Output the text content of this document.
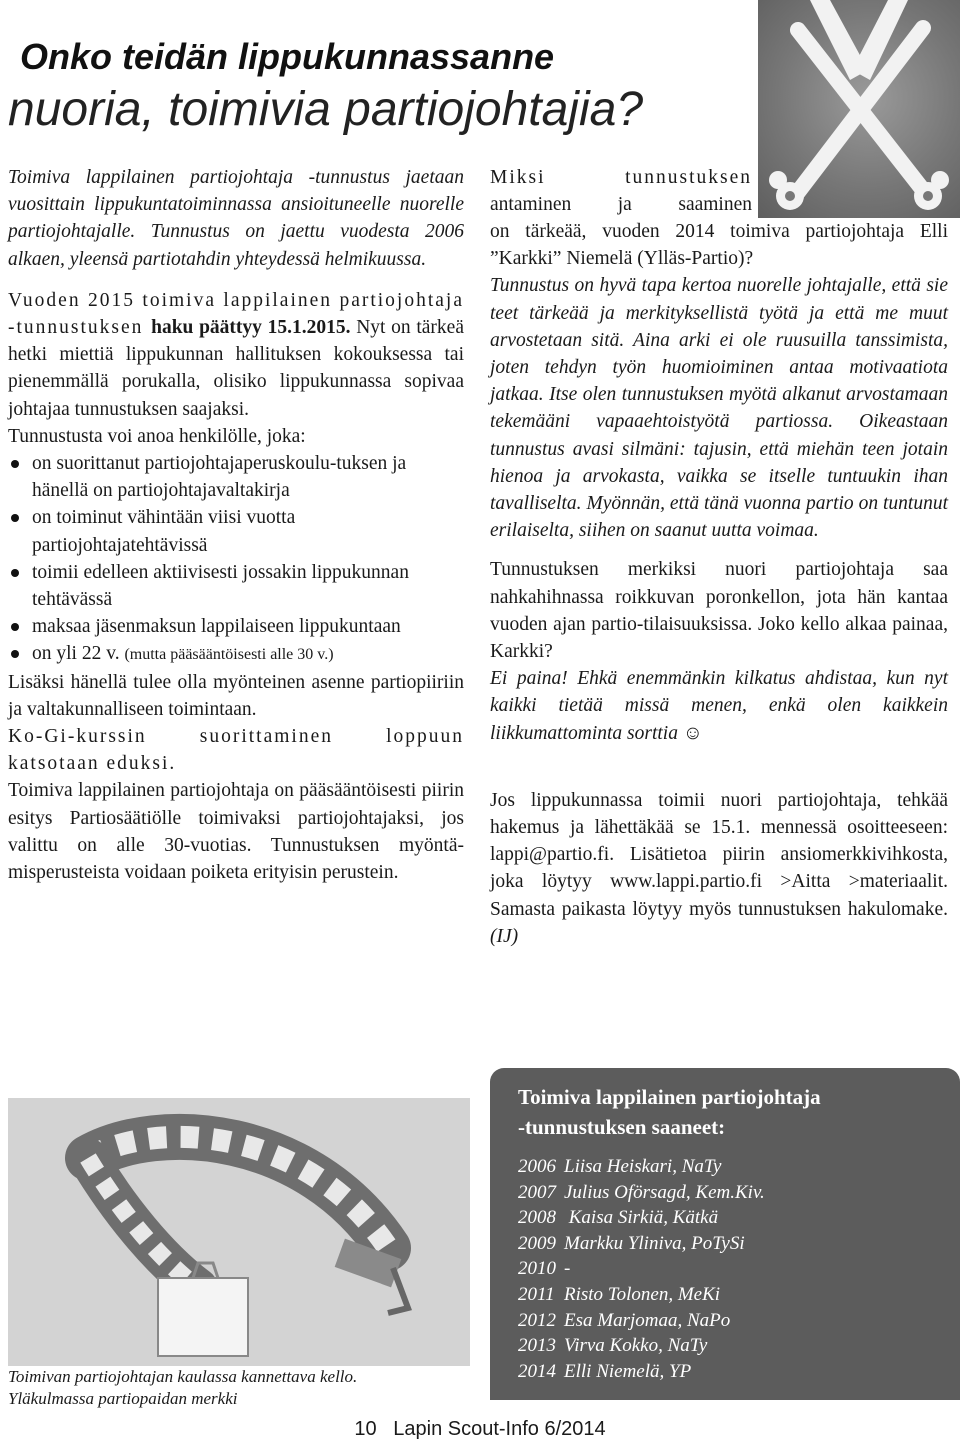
Onko teidän lippukunnassanne
nuoria, toimivia partiojohtajia?

Toimiva lappilainen partiojohtaja -tunnustus jaetaan vuosittain lippukuntatoiminnassa ansioituneelle nuorelle partiojohtajalle. Tunnustus on jaettu vuodesta 2006 alkaen, yleensä partiotahdin yhteydessä helmikuussa.

Vuoden 2015 toimiva lappilainen partiojohtaja -tunnustuksen haku päättyy 15.1.2015. Nyt on tärkeä hetki miettiä lippukunnan hallituksen kokouksessa tai pienemmällä porukalla, olisiko lippukunnassa sopivaa johtajaa tunnustuksen saajaksi.

Tunnustusta voi anoa henkilölle, joka:

on suorittanut partiojohtajaperuskoulu-tuksen ja hänellä on partiojohtajavaltakirja
on toiminut vähintään viisi vuotta partiojohtajatehtävissä
toimii edelleen aktiivisesti jossakin lippukunnan tehtävässä
maksaa jäsenmaksun lappilaiseen lippukuntaan
on yli 22 v. (mutta pääsääntöisesti alle 30 v.)

Lisäksi hänellä tulee olla myönteinen asenne partiopiiriin ja valtakunnalliseen toimintaan.

Ko-Gi-kurssin suorittaminen loppuun katsotaan eduksi.

Toimiva lappilainen partiojohtaja on pääsääntöisesti piirin esitys Partiosäätiölle toimivaksi partiojohtajaksi, jos valittu on alle 30-vuotias. Tunnustuksen myöntä-misperusteista voidaan poiketa erityisin perustein.

Toimivan partiojohtajan kaulassa kannettava kello.
Yläkulmassa partiopaidan merkki

Miksi tunnustuksen

antaminen ja saaminen

on tärkeää, vuoden 2014 toimiva partiojohtaja Elli ”Karkki” Niemelä (Ylläs-Partio)?

Tunnustus on hyvä tapa kertoa nuorelle johtajalle, että sie teet tärkeää ja merkityksellistä työtä ja että me muut arvostetaan sitä. Aina arki ei ole ruusuilla tanssimista, joten tehdyn työn huomioiminen antaa motivaatiota jatkaa. Itse olen tunnustuksen myötä alkanut arvostamaan tekemääni vapaaehtoistyötä partiossa. Oikeastaan tunnustus avasi silmäni: tajusin, että miehän teen jotain hienoa ja arvokasta, vaikka se itselle tuntuukin ihan tavalliselta. Myönnän, että tänä vuonna partio on tuntunut erilaiselta, siihen on saanut uutta voimaa.

Tunnustuksen merkiksi nuori partiojohtaja saa nahkahihnassa roikkuvan poronkellon, jota hän kantaa vuoden ajan partio-tilaisuuksissa. Joko kello alkaa painaa, Karkki?
Ei paina! Ehkä enemmänkin kilkatus ahdistaa, kun nyt kaikki tietää missä menen, enkä olen kaikkein liikkumattominta sorttia ☺

Jos lippukunnassa toimii nuori partiojohtaja, tehkää hakemus ja lähettäkää se 15.1. mennessä osoitteeseen: lappi@partio.fi. Lisätietoa piirin ansiomerkkivihkosta, joka löytyy www.lappi.partio.fi >Aitta >materiaalit. Samasta paikasta löytyy myös tunnustuksen hakulomake. (IJ)

Toimiva lappilainen partiojohtaja
-tunnustuksen saaneet:
2006 Liisa Heiskari, NaTy
2007 Julius Oförsagd, Kem.Kiv.
2008 Kaisa Sirkiä, Kätkä
2009 Markku Yliniva, PoTySi
2010 -
2011 Risto Tolonen, MeKi
2012 Esa Marjomaa, NaPo
2013 Virva Kokko, NaTy
2014 Elli Niemelä, YP
10 Lapin Scout-Info 6/2014
